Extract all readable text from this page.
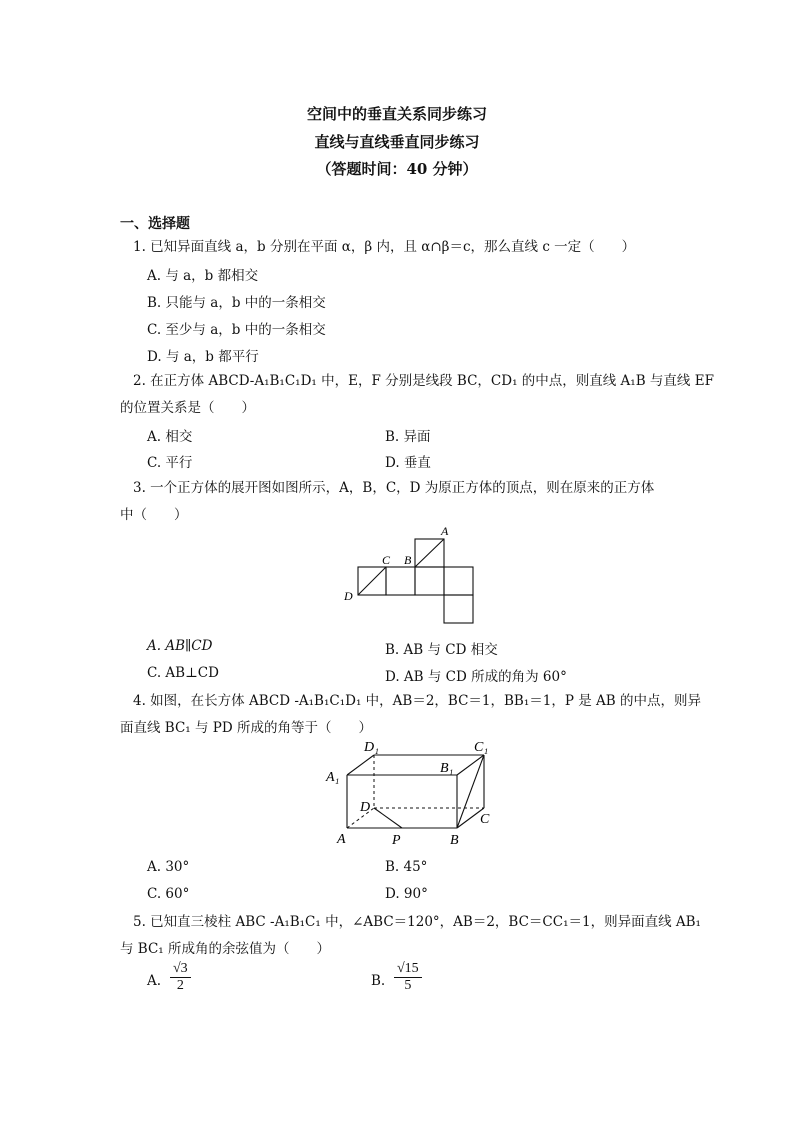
空间中的垂直关系同步练习
直线与直线垂直同步练习
（答题时间：40 分钟）
一、选择题
1. 已知异面直线 a，b 分别在平面 α，β 内，且 α∩β＝c，那么直线 c 一定（　　）
A. 与 a，b 都相交
B. 只能与 a，b 中的一条相交
C. 至少与 a，b 中的一条相交
D. 与 a，b 都平行
2. 在正方体 ABCD-A₁B₁C₁D₁ 中，E，F 分别是线段 BC，CD₁ 的中点，则直线 A₁B 与直线 EF
的位置关系是（　　）
A. 相交	B. 异面
C. 平行	D. 垂直
3. 一个正方体的展开图如图所示，A，B，C，D 为原正方体的顶点，则在原来的正方体
中（　　）
A
B
C
D
A. AB∥CD	B. AB 与 CD 相交
C. AB⊥CD	D. AB 与 CD 所成的角为 60°
4. 如图，在长方体 ABCD -A₁B₁C₁D₁ 中，AB＝2，BC＝1，BB₁＝1，P 是 AB 的中点，则异
面直线 BC₁ 与 PD 所成的角等于（　　）
D₁	C₁
A₁
B₁
D
C
A	P	B
A. 30°	B. 45°
C. 60°	D. 90°
5. 已知直三棱柱 ABC -A₁B₁C₁ 中，∠ABC＝120°，AB＝2，BC＝CC₁＝1，则异面直线 AB₁
与 BC₁ 所成角的余弦值为（　　）
A. $\frac{√3}{2}$	B. $\frac{√15}{5}$
